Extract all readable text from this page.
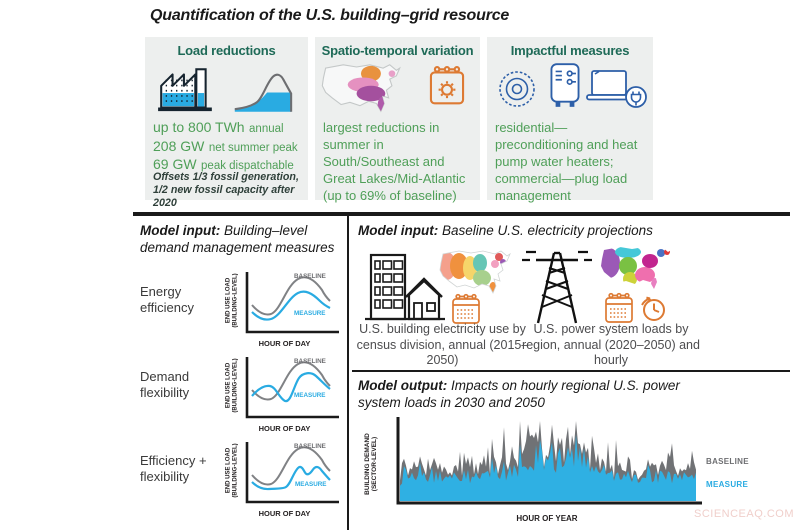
Quantification of the U.S. building–grid resource
Load reductions
up to 800 TWh annual
208 GW net summer peak
69 GW peak dispatchable
Offsets 1/3 fossil generation, 1/2 new fossil capacity after 2020
Spatio-temporal variation
largest reductions in summer in South/Southeast and Great Lakes/Mid-Atlantic (up to 69% of baseline)
Impactful measures
residential—preconditioning and heat pump water heaters; commercial—plug load management
Model input: Building–level demand management measures
Energy efficiency
Demand flexibility
Efficiency + flexibility
END USE LOAD (BUILDING-LEVEL)	BASELINE
MEASURE
HOUR OF DAY
END USE LOAD (BUILDING-LEVEL)	BASELINE
MEASURE
HOUR OF DAY
END USE LOAD (BUILDING-LEVEL)	BASELINE
MEASURE
HOUR OF DAY
Model input: Baseline U.S. electricity projections
U.S. building electricity use by census division, annual (2015–2050)
U.S. power system loads by region, annual (2020–2050) and hourly
Model output: Impacts on hourly regional U.S. power system loads in 2030 and 2050
BUILDING DEMAND (SECTOR-LEVEL)
HOUR OF YEAR
BASELINE
MEASURE
SCIENCEAQ.COM
